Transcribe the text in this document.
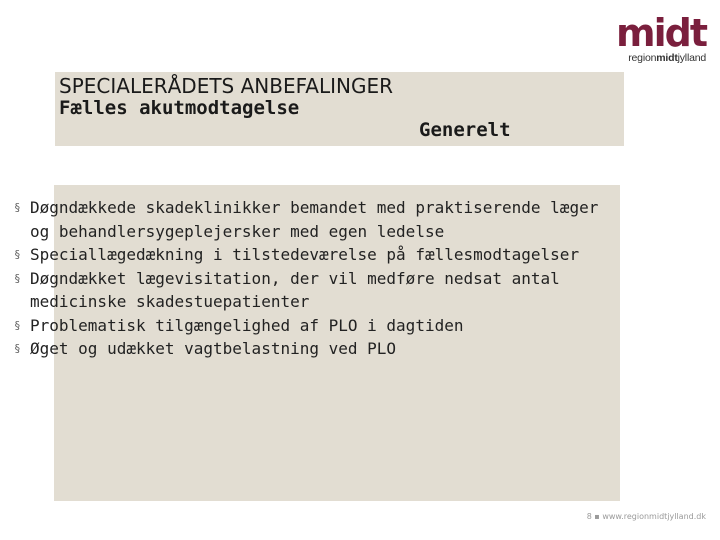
midt
regionmidtjylland
SPECIALERÅDETS ANBEFALINGER
Fælles akutmodtagelse
Generelt
§ Døgndækkede skadeklinikker bemandet med praktiserende læger og behandlersygeplejersker med egen ledelse
§ Speciallægedækning i tilstedeværelse på fællesmodtagelser
§ Døgndækket lægevisitation, der vil medføre nedsat antal medicinske skadestuepatienter
§ Problematisk tilgængelighed af PLO i dagtiden
§ Øget og udækket vagtbelastning ved PLO
8 ▪ www.regionmidtjylland.dk
